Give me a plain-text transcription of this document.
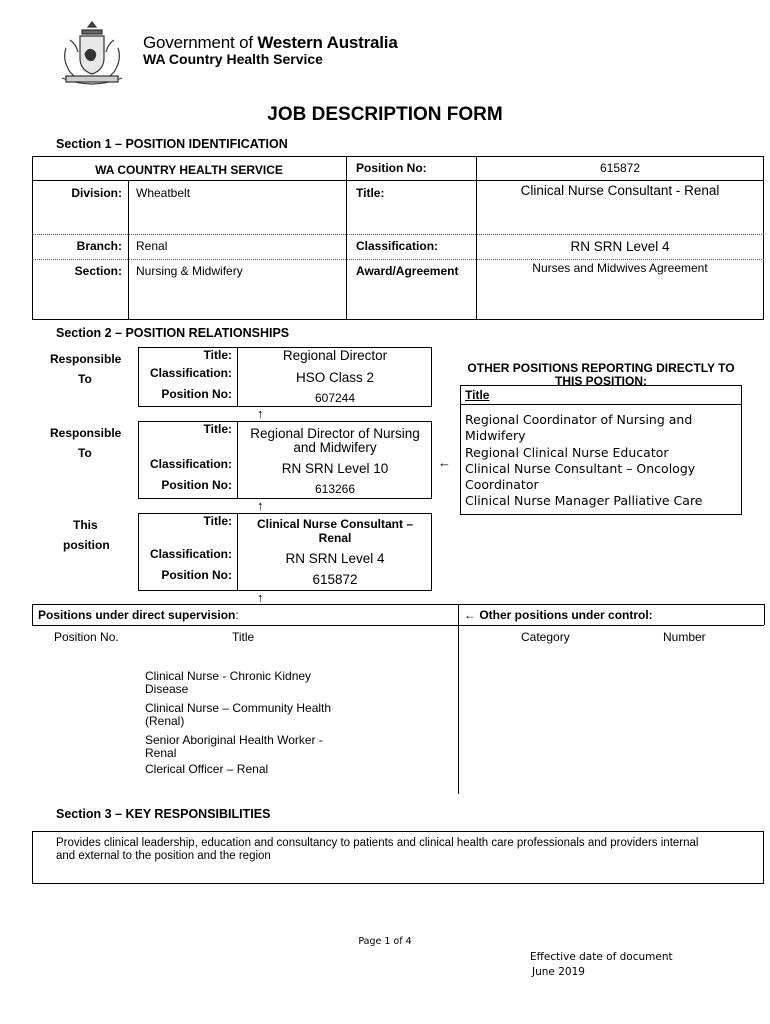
Government of Western Australia
WA Country Health Service
JOB DESCRIPTION FORM
Section 1 – POSITION IDENTIFICATION
WA COUNTRY HEALTH SERVICE	Position No:	615872
Division: Wheatbelt	Title:	Clinical Nurse Consultant - Renal
Branch: Renal	Classification:	RN SRN Level 4
Section: Nursing & Midwifery	Award/Agreement	Nurses and Midwives Agreement
Section 2 – POSITION RELATIONSHIPS
Responsible
To
Responsible
To
This
position
Title:	Regional Director
Classification:	HSO Class 2
Position No:	607244
↑
Title:	Regional Director of Nursing
and Midwifery
Classification:	RN SRN Level 10
Position No:	613266
←
↑
Title:	Clinical Nurse Consultant –
Renal
Classification:	RN SRN Level 4
Position No:	615872
↑
OTHER POSITIONS REPORTING DIRECTLY TO
THIS POSITION:
Title
Regional Coordinator of Nursing and
Midwifery
Regional Clinical Nurse Educator
Clinical Nurse Consultant – Oncology
Coordinator
Clinical Nurse Manager Palliative Care
Positions under direct supervision:	← Other positions under control:
Position No.	Title	Category	Number
Clinical Nurse - Chronic Kidney
Disease
Clinical Nurse – Community Health
(Renal)
Senior Aboriginal Health Worker -
Renal
Clerical Officer – Renal
Section 3 – KEY RESPONSIBILITIES
Provides clinical leadership, education and consultancy to patients and clinical health care professionals and providers internal
and external to the position and the region
Page 1 of 4
Effective date of document
June 2019
